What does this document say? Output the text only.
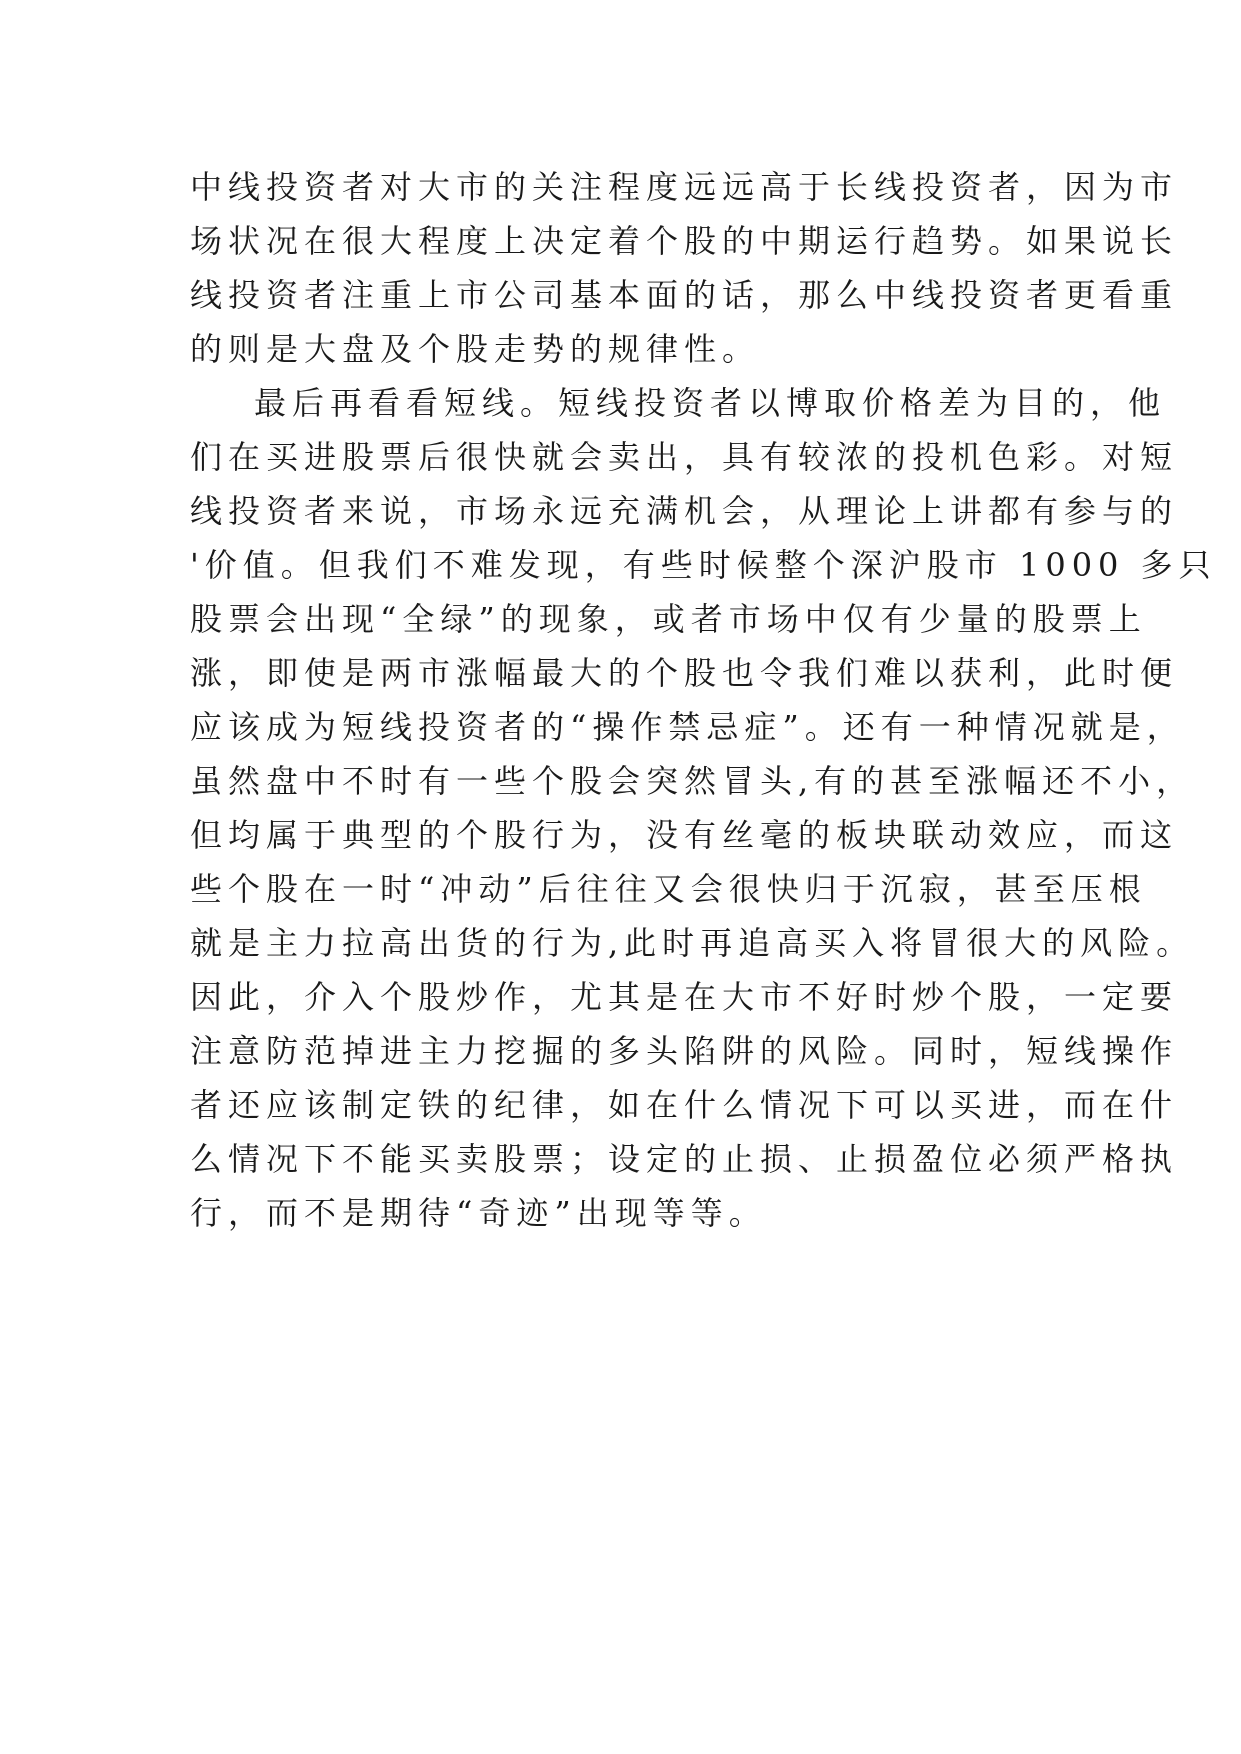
中线投资者对大市的关注程度远远高于长线投资者，因为市
场状况在很大程度上决定着个股的中期运行趋势。如果说长
线投资者注重上市公司基本面的话，那么中线投资者更看重
的则是大盘及个股走势的规律性。
最后再看看短线。短线投资者以博取价格差为目的，他
们在买进股票后很快就会卖出，具有较浓的投机色彩。对短
线投资者来说，市场永远充满机会，从理论上讲都有参与的
'价值。但我们不难发现，有些时候整个深沪股市 1000 多只
股票会出现“全绿”的现象，或者市场中仅有少量的股票上
涨，即使是两市涨幅最大的个股也令我们难以获利，此时便
应该成为短线投资者的“操作禁忌症”。还有一种情况就是，
虽然盘中不时有一些个股会突然冒头,有的甚至涨幅还不小，
但均属于典型的个股行为，没有丝毫的板块联动效应，而这
些个股在一时“冲动”后往往又会很快归于沉寂，甚至压根
就是主力拉高出货的行为,此时再追高买入将冒很大的风险。
因此，介入个股炒作，尤其是在大市不好时炒个股，一定要
注意防范掉进主力挖掘的多头陷阱的风险。同时，短线操作
者还应该制定铁的纪律，如在什么情况下可以买进，而在什
么情况下不能买卖股票；设定的止损、止损盈位必须严格执
行，而不是期待“奇迹”出现等等。
